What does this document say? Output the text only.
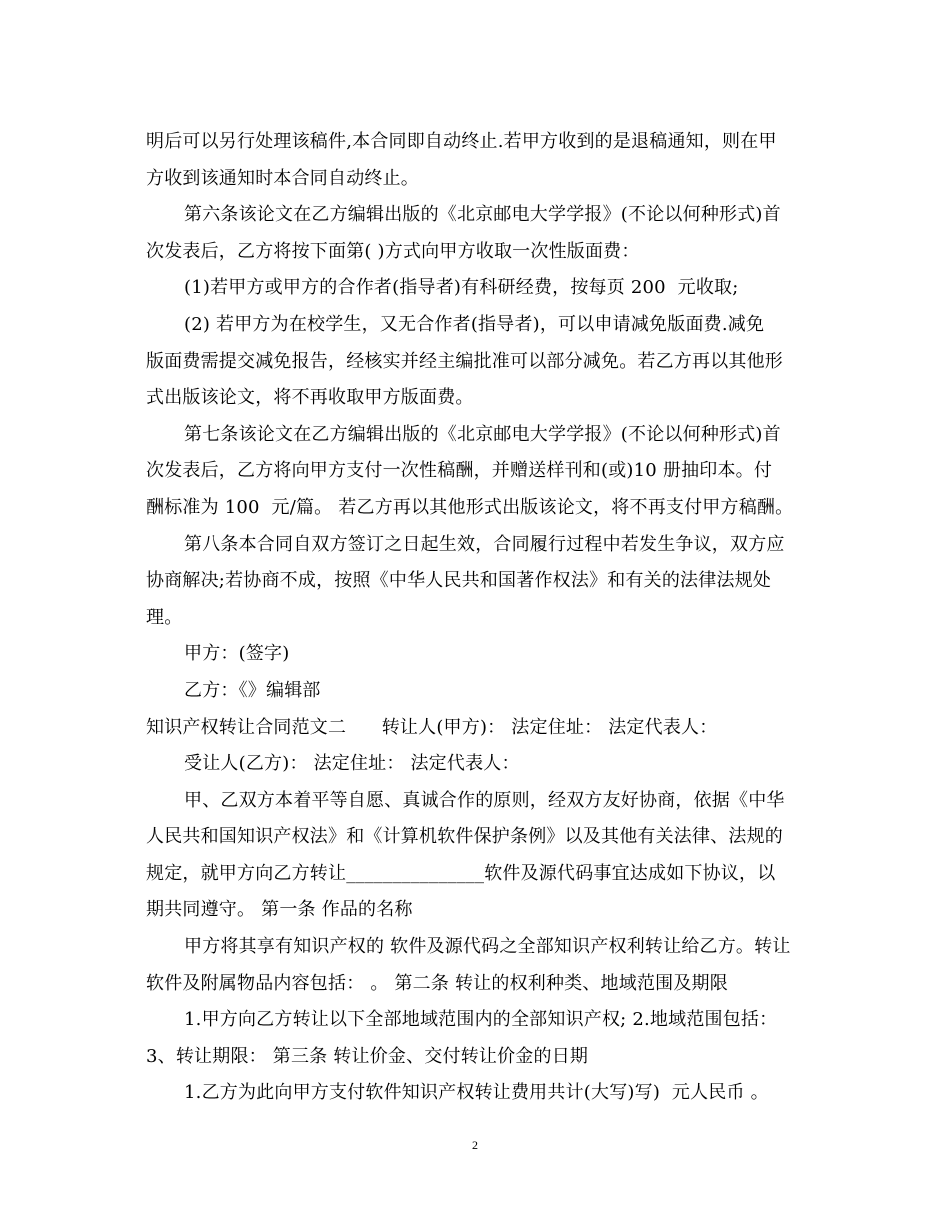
明后可以另行处理该稿件,本合同即自动终止.若甲方收到的是退稿通知，则在甲
方收到该通知时本合同自动终止。
第六条该论文在乙方编辑出版的《北京邮电大学学报》(不论以何种形式)首
次发表后，乙方将按下面第( )方式向甲方收取一次性版面费：
(1)若甲方或甲方的合作者(指导者)有科研经费，按每页 200  元收取;
(2) 若甲方为在校学生，又无合作者(指导者)，可以申请减免版面费.减免
版面费需提交减免报告，经核实并经主编批准可以部分减免。若乙方再以其他形
式出版该论文，将不再收取甲方版面费。
第七条该论文在乙方编辑出版的《北京邮电大学学报》(不论以何种形式)首
次发表后，乙方将向甲方支付一次性稿酬，并赠送样刊和(或)10 册抽印本。付
酬标准为 100  元/篇。 若乙方再以其他形式出版该论文，将不再支付甲方稿酬。
第八条本合同自双方签订之日起生效，合同履行过程中若发生争议，双方应
协商解决;若协商不成，按照《中华人民共和国著作权法》和有关的法律法规处
理。
甲方：(签字)
乙方：《》编辑部
知识产权转让合同范文二      转让人(甲方)： 法定住址： 法定代表人：
受让人(乙方)： 法定住址： 法定代表人：
甲、乙双方本着平等自愿、真诚合作的原则，经双方友好协商，依据《中华
人民共和国知识产权法》和《计算机软件保护条例》以及其他有关法律、法规的
规定，就甲方向乙方转让_______________软件及源代码事宜达成如下协议，以
期共同遵守。 第一条 作品的名称
甲方将其享有知识产权的 软件及源代码之全部知识产权利转让给乙方。转让
软件及附属物品内容包括： 。 第二条 转让的权利种类、地域范围及期限
1.甲方向乙方转让以下全部地域范围内的全部知识产权; 2.地域范围包括：
3、转让期限： 第三条 转让价金、交付转让价金的日期
1.乙方为此向甲方支付软件知识产权转让费用共计(大写)写)  元人民币 。
2
